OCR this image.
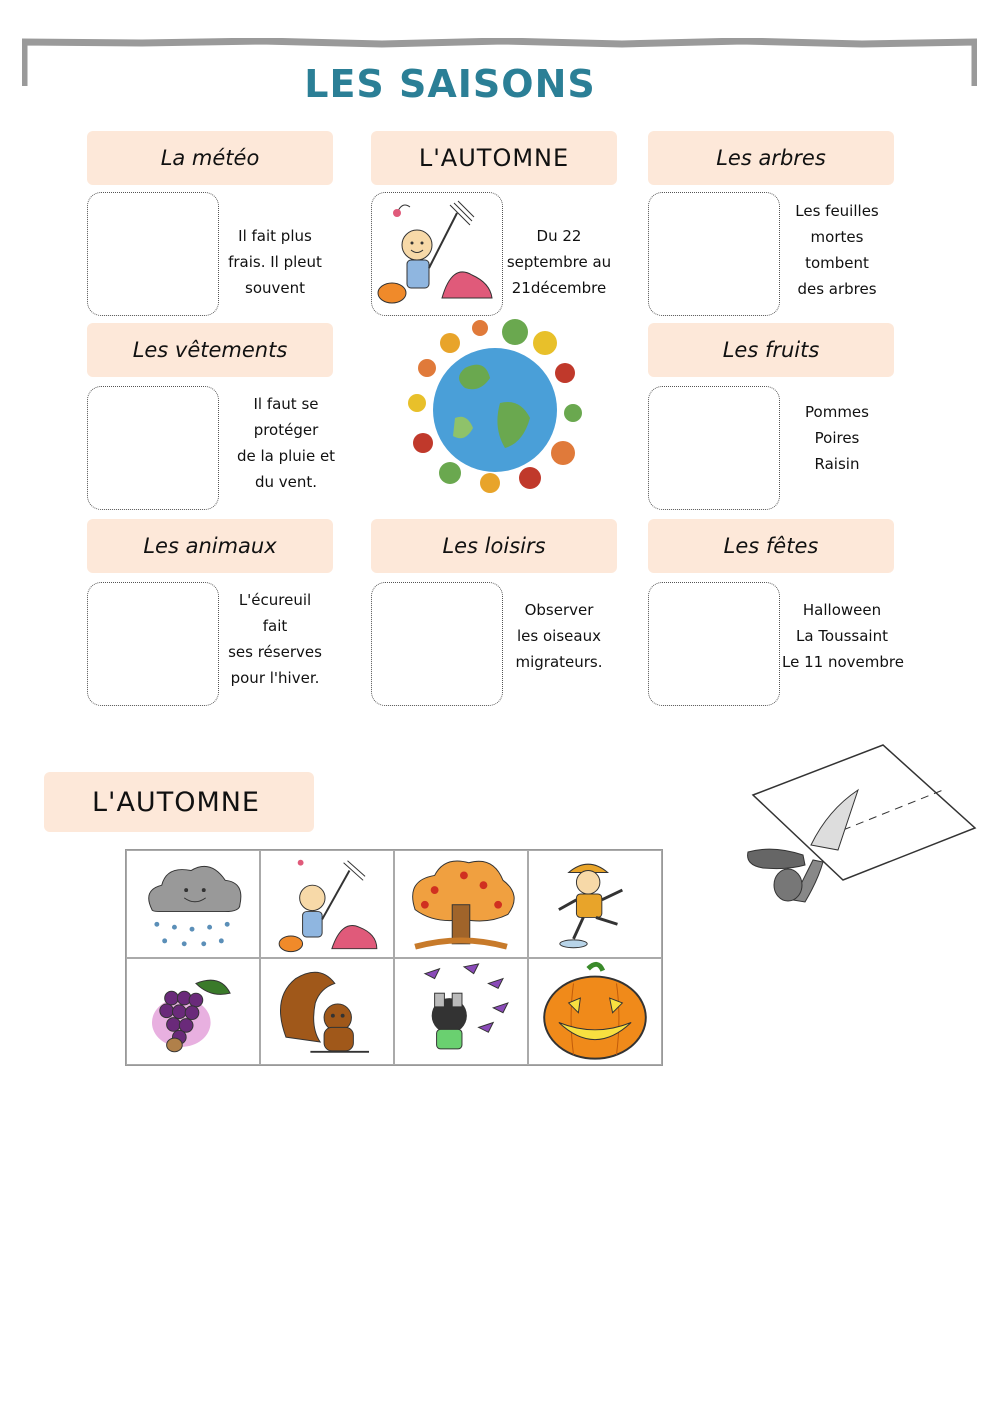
LES SAISONS
La météo	L'AUTOMNE	Les arbres
Il fait plus
frais. Il pleut
souvent
Du 22
septembre au
21décembre
Les feuilles
mortes
tombent
des arbres
Les vêtements	Les fruits
Il faut se
protéger
de la pluie et
du vent.
Pommes
Poires
Raisin
Les animaux	Les loisirs	Les fêtes
L'écureuil
fait
ses réserves
pour l'hiver.
Observer
les oiseaux
migrateurs.
Halloween
La Toussaint
Le 11 novembre
L'AUTOMNE
